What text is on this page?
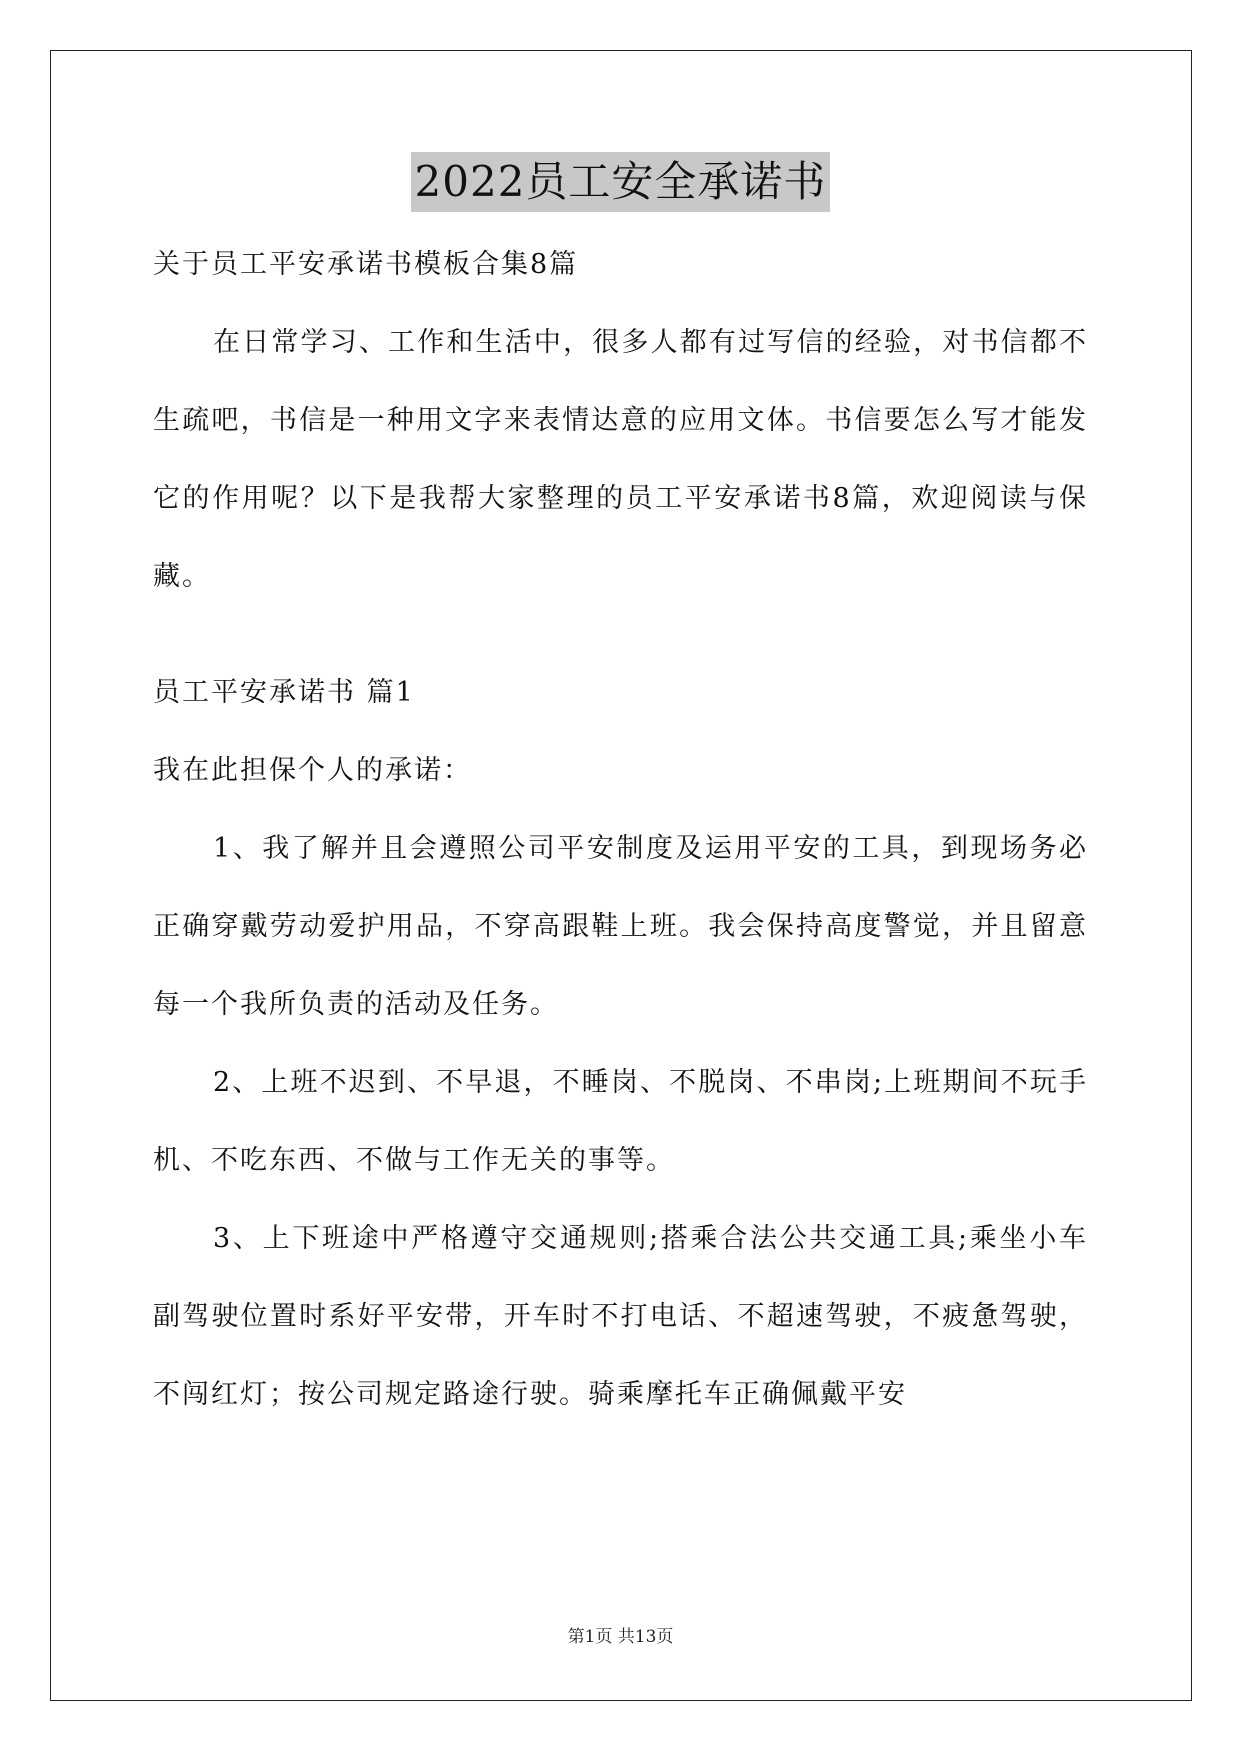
2022员工安全承诺书

关于员工平安承诺书模板合集8篇

在日常学习、工作和生活中，很多人都有过写信的经验，对书信都不生疏吧，书信是一种用文字来表情达意的应用文体。书信要怎么写才能发它的作用呢？以下是我帮大家整理的员工平安承诺书8篇，欢迎阅读与保藏。

员工平安承诺书 篇1

我在此担保个人的承诺：

1、我了解并且会遵照公司平安制度及运用平安的工具，到现场务必正确穿戴劳动爱护用品，不穿高跟鞋上班。我会保持高度警觉，并且留意每一个我所负责的活动及任务。

2、上班不迟到、不早退，不睡岗、不脱岗、不串岗;上班期间不玩手机、不吃东西、不做与工作无关的事等。

3、上下班途中严格遵守交通规则;搭乘合法公共交通工具;乘坐小车副驾驶位置时系好平安带，开车时不打电话、不超速驾驶，不疲惫驾驶，不闯红灯；按公司规定路途行驶。骑乘摩托车正确佩戴平安

第1页 共13页
